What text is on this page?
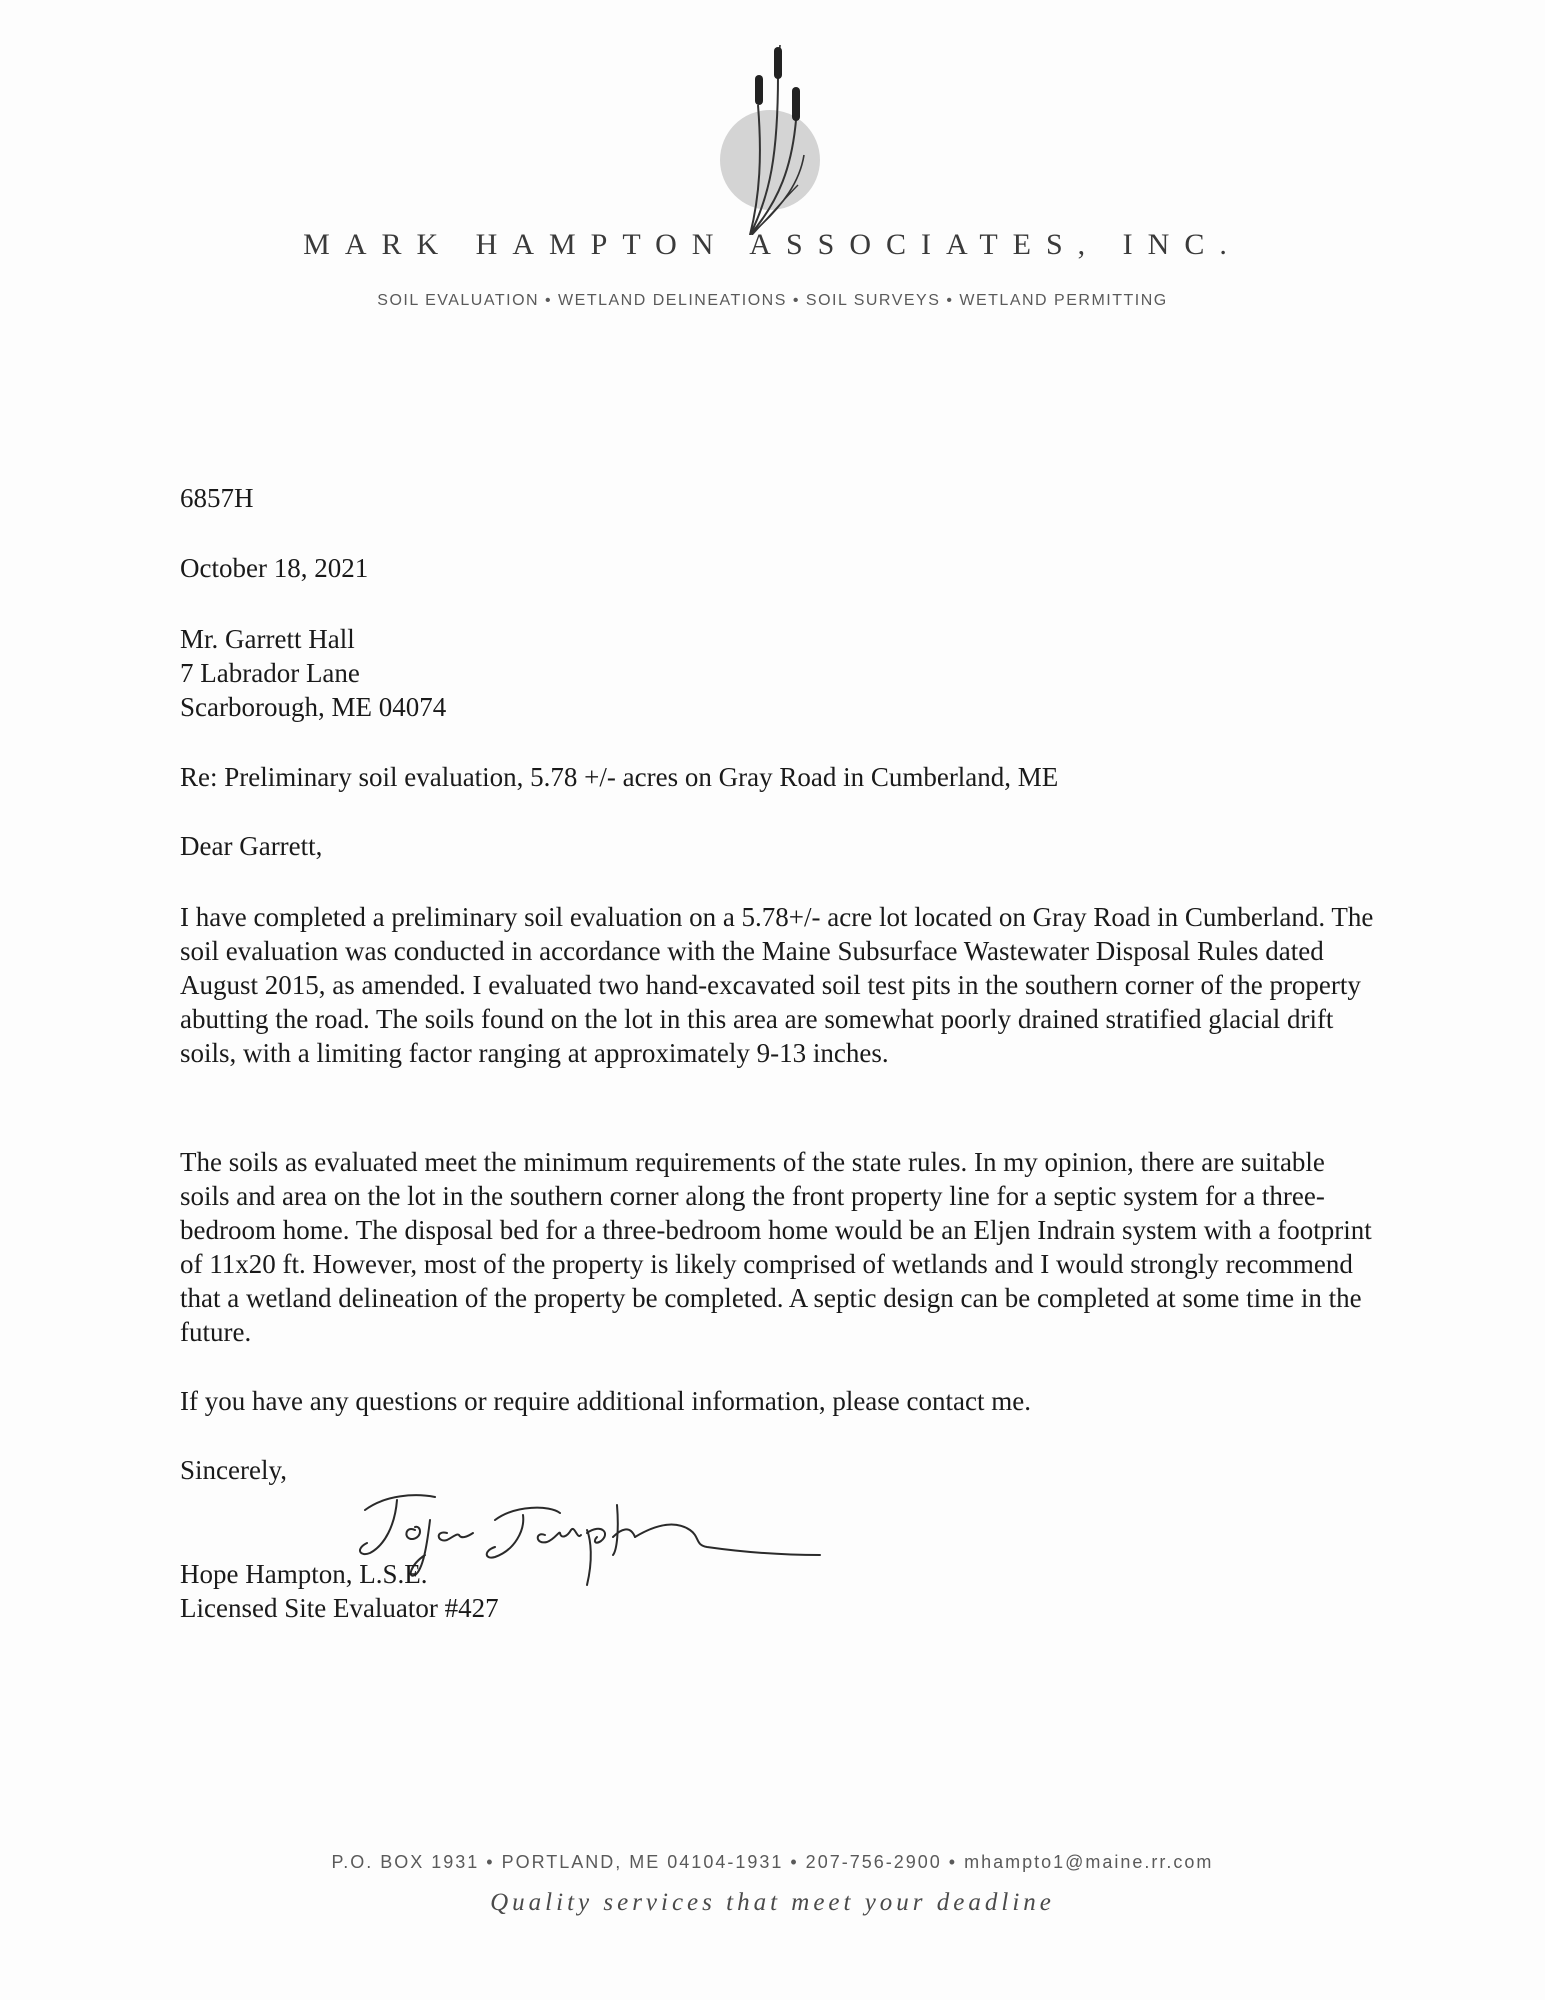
MARK HAMPTON ASSOCIATES, INC.
SOIL EVALUATION • WETLAND DELINEATIONS • SOIL SURVEYS • WETLAND PERMITTING
6857H
October 18, 2021
Mr. Garrett Hall
7 Labrador Lane
Scarborough, ME 04074
Re: Preliminary soil evaluation, 5.78 +/- acres on Gray Road in Cumberland, ME
Dear Garrett,
I have completed a preliminary soil evaluation on a 5.78+/- acre lot located on Gray Road in Cumberland. The soil evaluation was conducted in accordance with the Maine Subsurface Wastewater Disposal Rules dated August 2015, as amended. I evaluated two hand-excavated soil test pits in the southern corner of the property abutting the road. The soils found on the lot in this area are somewhat poorly drained stratified glacial drift soils, with a limiting factor ranging at approximately 9-13 inches.
The soils as evaluated meet the minimum requirements of the state rules. In my opinion, there are suitable soils and area on the lot in the southern corner along the front property line for a septic system for a three-bedroom home. The disposal bed for a three-bedroom home would be an Eljen Indrain system with a footprint of 11x20 ft. However, most of the property is likely comprised of wetlands and I would strongly recommend that a wetland delineation of the property be completed. A septic design can be completed at some time in the future.
If you have any questions or require additional information, please contact me.
Sincerely,
Hope Hampton, L.S.E.
Licensed Site Evaluator #427
P.O. BOX 1931 • PORTLAND, ME 04104-1931 • 207-756-2900 • mhampto1@maine.rr.com
Quality services that meet your deadline
